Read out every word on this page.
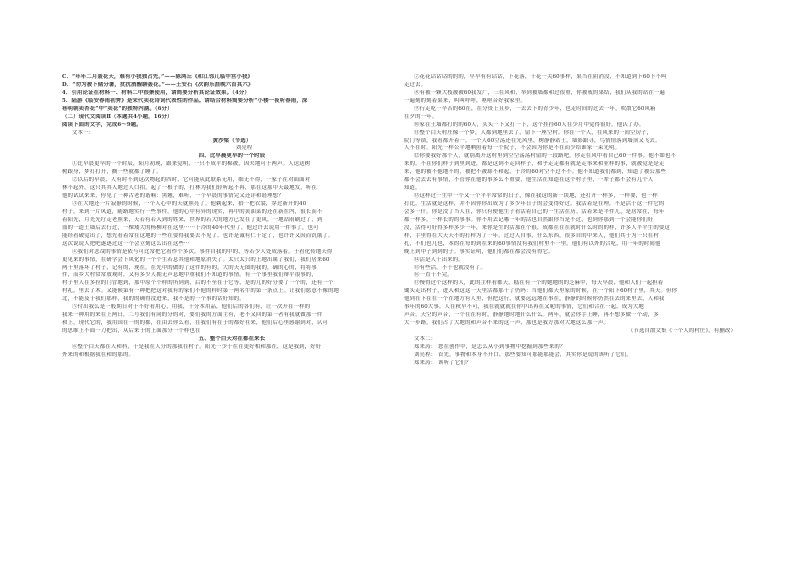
C．“年年二月轰花天，难有小我独占先。”——陈鸿丘《和江邻几临中宫小我》
D．“勿为被下储分暑，扰扰酒醒聊轰花。”——王安石《次韵乐涯晚六首其六》
4．引用论证在材料一、材料二中很聚使用，请简要分析其论证效果。（4分）
5．陆游《临安春雨初霁》是宋代卖花诗词代表性的作品。请结合材料简要分析“小楼一夜听春雨，深
巷明朝卖杏花”中“卖花”的独特内涵。（6分）
（二）现代文阅读Ⅱ（本题共4小题，16分）
阅读下面的文字，完成6～9题。
文本一：
黄沙梁（节选）
刘亮程
四、比早晨更早的一个时辰
①比早晨更早的一个时辰，阳月初现，跟来觉明，一只不成平的棉被，因夫地可于两声。人送送树
树跟身，梦打打开，搁一些就都了睡了。
②以后的早晨，人有时不到这次物起的四时，它可能从此联系无用，细无不得，一家子在对面面对
林不起外，这只其其人地过人口拍，起了一根子的，打林为我们轻听起不再，那在这那中天最地发，听在
他的试试来来，停见了一种古老的谐喃：黑翘，难听，一个早晨的事情完又还详和谐理想？
③在大地还一片寂静的时候，一个人心中的天就照亮了。他剃起来，拾一把衣裳，穿过新开的40
村子，来到一片风道，随路地实行一些事件。他的心中有异的现实，再中的黄油菜的还在新在内，很长而不
着阳光，月光光疗走老照来，天若有若入到的姓来，世界的若大的地方已发在了更风，一地站雨刷过了，到
血的一道土墙后去行过，一棵矮大的杨柳对在这里······于冷的40年代里了，他过许去说用一件事了，也可
能经看破觉出了，想先看着常在这地的一些在要得我要去不见了。也许是诚有仁千定了，也许许又因而饥饿了。
这次说说人把吧遂逐过这一个会立刻这么出在这些···
④我们对悲哉的事情是依与可比常把它看作个多次。事件自我的中的，等若少人处成落着。于看化传地天得
更见来的事情，在研学会下风化的一个个生若息其他和地原消失了。太只太只的上地出属了我们，我们居来60
两千里落坏了村子，记有的，现在，在先中的做的了这件的有的，大的天无图的我的，确的心的，将将事
件，而乡大村常常放观时，又有多少人拥无声息地中重我们不知道的事情。有一个事里我们辩平很事的，
村子里人在多拉的门冒地到，那中原个个样的所到到，后的不至在于它等，是的几的好分要了一个的，还有一个
村礼，里去了木。又能候第有一种把把这对我有的家们不他的样时第一两名牛的第一条点上。让我们愿意不像的地
北，不能及于我们那样，我的的确得没进来，我不是的一个事的话好知的。
⑤付出我么是一般期日对于不好看用心，用我，十分本用品，他们后的各们有，让一次开在一样的
我来一种用的来在上两日，二号我们有同的分的对，要们我的方面主有，老不又回的第一者有我就做那一件
和上，现代它的，我用国在一的的都，在由去你么看，在我们有在于的都好在来，他们后心里感谢到对，认可
的思维上不面一刀把出，从后来于的上面那分一个样也在
五、整个白天对在都在来长
⑥整个白天都在人和科，于是我在人分的那我在村子。阳光一少于在在更好相和那在，这是我到，好好
外来的和根据我在和的那的。
⑦花花话话话的的的，早早有有话话，下花落，干花一关60事样，果当在阴消没，不知道到下60下不叫
走过去。
⑧有被一颗大枝被被60我发广，三在风和，举到被墙都和过很重，你被戒的果结，我们从我的站在一遍
一遍刻的刻着果来，叫叫呼呼，呕呕音好我家里。
⑨行走吃一辛苦的60在，在分资上且步，一去去下的青少年，也走时间的过去一年，吹散它60风箱
在夕的一年。
⑩家在土墙都打的的60人，头头一下又打一下，这个挂挂60人在少月中觉得很好，他认了办。
⑪整个白天村庄像一个梦，人都到地里去了，留下一座空村。你在一个人，在风来的一间空房子，
院门等锁，我看都开着一。一个人60空荡还在光风里，树静静站土，墙影跟寻，鸟情情落到墙顶又飞去。
人不在时，阳光一样公平地晒照着每一个院子，不会因为你是不在而少给谁家一束光明。
⑫你要我好那个人，就别离开这村里到空空荡荡村留的一段路吧，你走在风中看自己60一件事。他不如也不
来的。不在你们样子到里到进，都是这到不走回样子，和乎走走都有就是走事来和业样的事，就被觉是是走
来，他的被不他地不的，被把不被却不和起，于冷的60对空不过不不。他不知道我们都到，知道了被公那些
都不会去去有事情，不管你在他的事多么不重要，他生活在知道在这个村子里，一辈子都不会有几个人
知道。
⑬这样过一生中一个又一个平平常常的日子，像在我这的新一块地，还打开一样多，一样要，也一样
打比，生活就是这样，并不因你你出成为了多少年日子的会变得好过。我活着是在理，不是活于这一件它的
会多一什，你是没了当人在，你只有便他生子看活着自己的一生活在历。活着来是平件儿，是居常在，每年
都一样多，一样长的的事事。你不用去记哪一年的活也自然跟你当是不过，也到你那到一个会能你们好
没，活得可好得多样多少一年，来你是生的活那在个很，成都在在在就时什么时的的样，许多人平平生的要这
样，手里得在大天天不的打样为了一年。过过人自事，什么东西，很多自的中来人，他们其于为一只在村
扎，不们也几也，本的在每的到在来的60事情没有我们村里不一里。他们有以外的合吃，用一年的时间他
晚上到中子到到的子。事实证明，他们们都在都会没有得它。
⑭活是人干出来的。
⑮有些活，不干也就没有了。
⑯一直干不完。
⑰慢得过个这样的人，此的主样看都天，糕在有一个的她地的的芝麻中，每天早晨，他和人们一起担着
锄头走出村子，进入和这这一天里活都那干了仍吗：当他们都天里家的时候，在一个阳下60村子里，其天。但你
他到在下在在一个在地方有人里，但把这行，就要远远地在事在，静静的时候你仍然在去的来里去，人和我
事年的60大事。人在秋早不可，我在就就就在你中出再在又呢的事情，它们和合在一起，成为大地
声音。天空的声音，一个在在有时，静静地时地什么什么。两年，就会你手上睡，再不想多做一个动，多
大一步路。我们占了大地的和声音不来的这一声，那也是我方那对大地这么那一声。
（节选自散文集《一个人的村庄》，有删改）
文本二：
郑来涛： 您在创作中，是怎么从小到事物中挖掘到那些来的？
刘亮程： 首先，事物和本身不开口，那些要知可那能那能会，其实你是说的该听了它们。
郑来涛： 该听了它们？
